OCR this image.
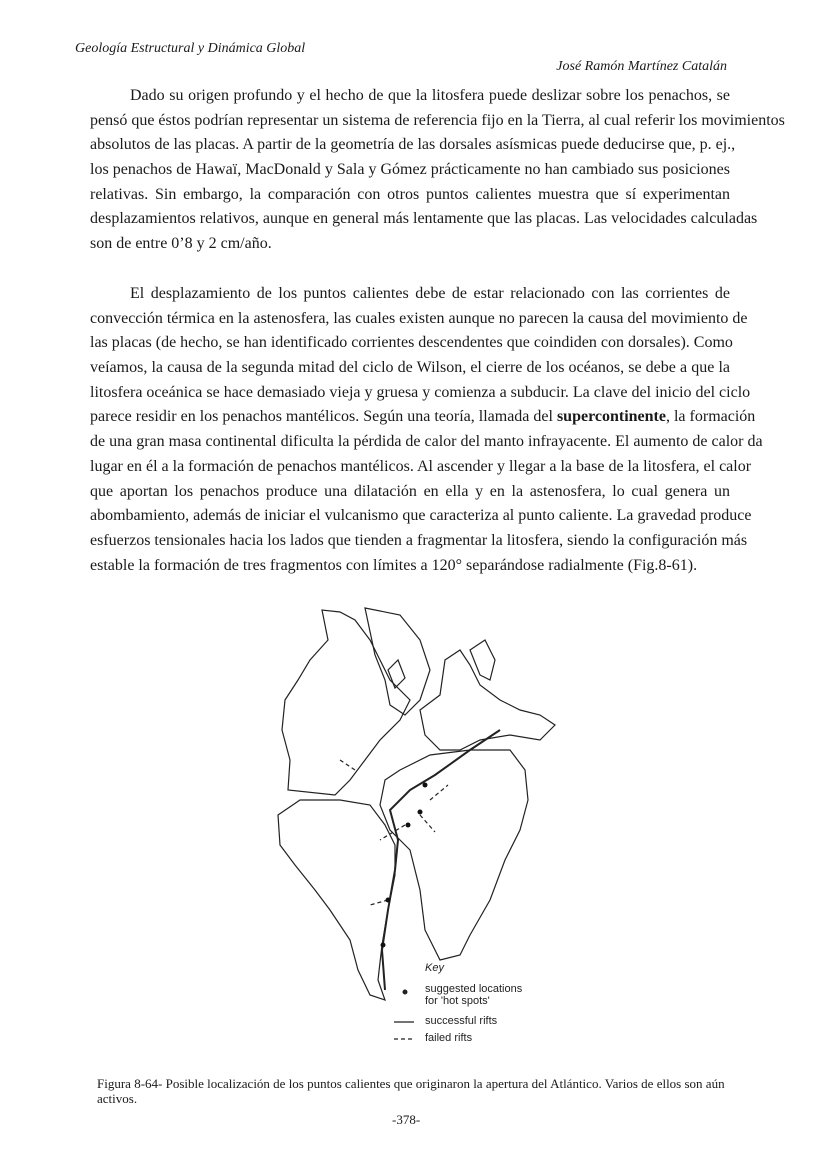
Geología Estructural y Dinámica Global
José Ramón Martínez Catalán
Dado su origen profundo y el hecho de que la litosfera puede deslizar sobre los penachos, se
pensó que éstos podrían representar un sistema de referencia fijo en la Tierra, al cual referir los movimientos
absolutos de las placas. A partir de la geometría de las dorsales asísmicas puede deducirse que, p. ej.,
los penachos de Hawaï, MacDonald y Sala y Gómez prácticamente no han cambiado sus posiciones
relativas. Sin embargo, la comparación con otros puntos calientes muestra que sí experimentan
desplazamientos relativos, aunque en general más lentamente que las placas. Las velocidades calculadas
son de entre 0’8 y 2 cm/año.
El desplazamiento de los puntos calientes debe de estar relacionado con las corrientes de
convección térmica en la astenosfera, las cuales existen aunque no parecen la causa del movimiento de
las placas (de hecho, se han identificado corrientes descendentes que coindiden con dorsales). Como
veíamos, la causa de la segunda mitad del ciclo de Wilson, el cierre de los océanos, se debe a que la
litosfera oceánica se hace demasiado vieja y gruesa y comienza a subducir. La clave del inicio del ciclo
parece residir en los penachos mantélicos. Según una teoría, llamada del supercontinente, la formación
de una gran masa continental dificulta la pérdida de calor del manto infrayacente. El aumento de calor da
lugar en él a la formación de penachos mantélicos. Al ascender y llegar a la base de la litosfera, el calor
que aportan los penachos produce una dilatación en ella y en la astenosfera, lo cual genera un
abombamiento, además de iniciar el vulcanismo que caracteriza al punto caliente. La gravedad produce
esfuerzos tensionales hacia los lados que tienden a fragmentar la litosfera, siendo la configuración más
estable la formación de tres fragmentos con límites a 120° separándose radialmente (Fig.8-61).
Key
suggested locations
for 'hot spots'
successful rifts
failed rifts
Figura 8-64- Posible localización de los puntos calientes que originaron la apertura del Atlántico. Varios de ellos son aún activos.
-378-
